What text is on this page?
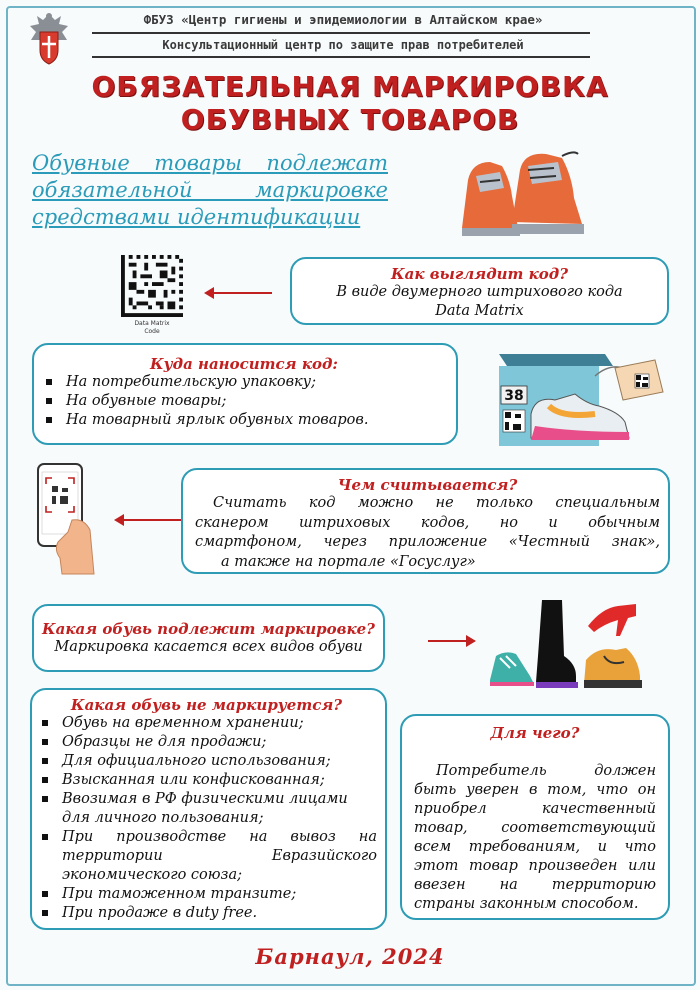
ФБУЗ «Центр гигиены и эпидемиологии в Алтайском крае»
Консультационный центр по защите прав потребителей
ОБЯЗАТЕЛЬНАЯ МАРКИРОВКА
ОБУВНЫХ ТОВАРОВ
Обувные товары подлежат
обязательной маркировке
средствами идентификации
Data Matrix
Code
Как выглядит код?
В виде двумерного штрихового кода
Data Matrix
Куда наносится код:
На потребительскую упаковку;
На обувные товары;
На товарный ярлык обувных товаров.
38
Чем считывается?
Считать код можно не только специальным
сканером штриховых кодов, но и обычным
смартфоном, через приложение «Честный знак»,
а также на портале «Госуслуг»
Какая обувь подлежит маркировке?
Маркировка касается всех видов обуви
Какая обувь не маркируется?
Обувь на временном хранении;
Образцы не для продажи;
Для официального использования;
Взысканная или конфискованная;
Ввозимая в РФ физическими лицами для личного пользования;
При производстве на вывоз на территории Евразийского экономического союза;
При таможенном транзите;
При продаже в duty free.
Для чего?
Потребитель должен быть уверен в том, что он приобрел качественный товар, соответствующий всем требованиям, и что этот товар произведен или ввезен на территорию страны законным способом.
Барнаул, 2024
